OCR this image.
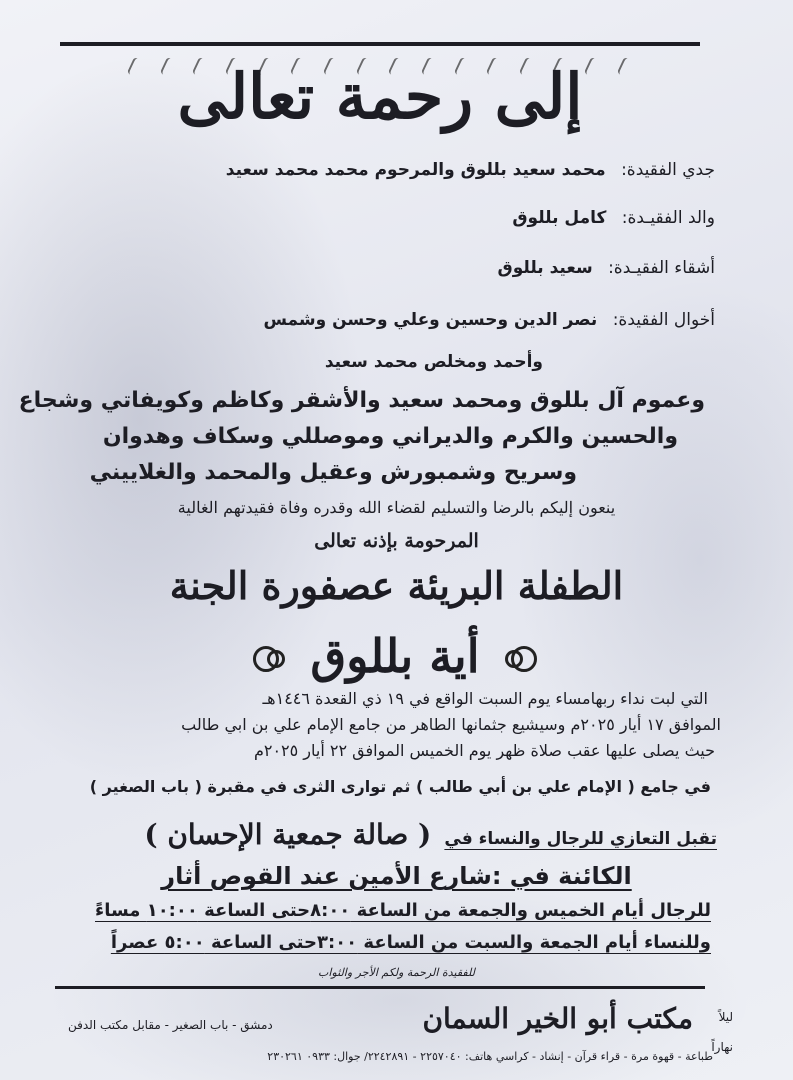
إلى رحمة تعالى
جدي الفقيدة: محمد سعيد بللوق والمرحوم محمد محمد سعيد
والد الفقيـدة: كامل بللوق
أشقاء الفقيـدة: سعيد بللوق
أخوال الفقيدة: نصر الدين وحسين وعلي وحسن وشمس
وأحمد ومخلص محمد سعيد
وعموم آل بللوق ومحمد سعيد والأشقر وكاظم وكويفاتي وشجاع
والحسين والكرم والديراني وموصللي وسكاف وهدوان
وسريح وشمبورش وعقيل والمحمد والغلاييني
ينعون إليكم بالرضا والتسليم لقضاء الله وقدره وفاة فقيدتهم الغالية
المرحومة بإذنه تعالى
الطفلة البريئة عصفورة الجنة
أية بللوق
التي لبت نداء ربهامساء يوم السبت الواقع في ١٩ ذي القعدة ١٤٤٦هـ
الموافق ١٧ أيار ٢٠٢٥م وسيشيع جثمانها الطاهر من جامع الإمام علي بن ابي طالب
حيث يصلى عليها عقب صلاة ظهر يوم الخميس الموافق ٢٢ أيار ٢٠٢٥م
في جامع ( الإمام علي بن أبي طالب ) ثم توارى الثرى في مقبرة ( باب الصغير )
تقبل التعازي للرجال والنساء في ( صالة جمعية الإحسان )
الكائنة في :شارع الأمين عند القوص أثار
للرجال أيام الخميس والجمعة من الساعة ٨:٠٠حتى الساعة ١٠:٠٠ مساءً
وللنساء أيام الجمعة والسبت من الساعة ٣:٠٠حتى الساعة ٥:٠٠ عصراً
للفقيدة الرحمة ولكم الأجر والثواب
ليلاً
نهاراً
مكتب أبو الخير السمان
دمشق - باب الصغير - مقابل مكتب الدفن
طباعة - قهوة مرة - قراء قرآن - إنشاد - كراسي هاتف: ٢٢٥٧٠٤٠ - ٢٢٤٢٨٩١/ جوال: ٠٩٣٣ ٢٣٠٢٦١
